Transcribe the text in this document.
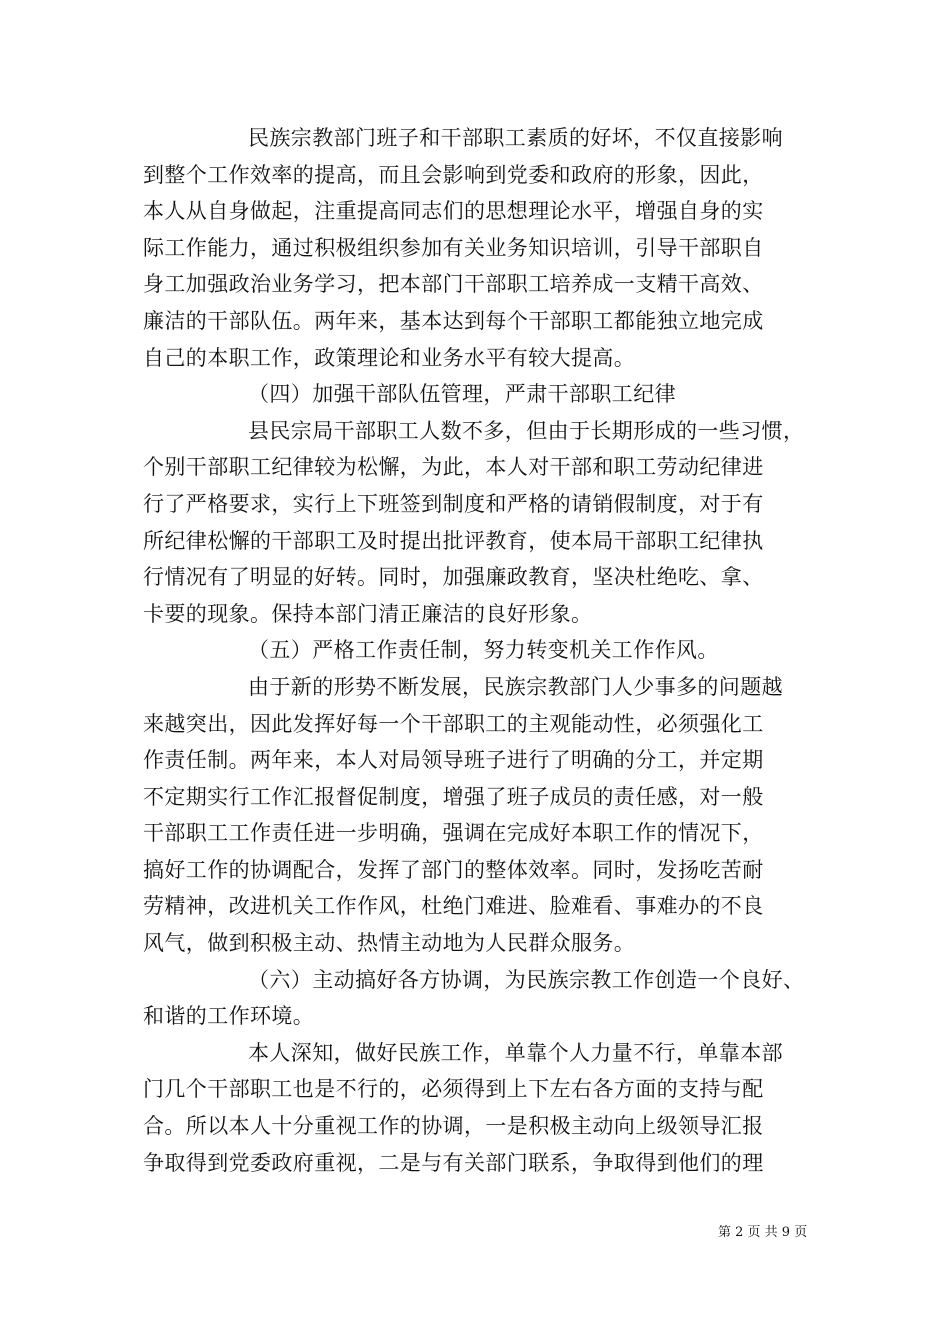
民族宗教部门班子和干部职工素质的好坏，不仅直接影响
到整个工作效率的提高，而且会影响到党委和政府的形象，因此，
本人从自身做起，注重提高同志们的思想理论水平，增强自身的实
际工作能力，通过积极组织参加有关业务知识培训，引导干部职自
身工加强政治业务学习，把本部门干部职工培养成一支精干高效、
廉洁的干部队伍。两年来，基本达到每个干部职工都能独立地完成
自己的本职工作，政策理论和业务水平有较大提高。
（四）加强干部队伍管理，严肃干部职工纪律
县民宗局干部职工人数不多，但由于长期形成的一些习惯，
个别干部职工纪律较为松懈，为此，本人对干部和职工劳动纪律进
行了严格要求，实行上下班签到制度和严格的请销假制度，对于有
所纪律松懈的干部职工及时提出批评教育，使本局干部职工纪律执
行情况有了明显的好转。同时，加强廉政教育，坚决杜绝吃、拿、
卡要的现象。保持本部门清正廉洁的良好形象。
（五）严格工作责任制，努力转变机关工作作风。
由于新的形势不断发展，民族宗教部门人少事多的问题越
来越突出，因此发挥好每一个干部职工的主观能动性，必须强化工
作责任制。两年来，本人对局领导班子进行了明确的分工，并定期
不定期实行工作汇报督促制度，增强了班子成员的责任感，对一般
干部职工工作责任进一步明确，强调在完成好本职工作的情况下，
搞好工作的协调配合，发挥了部门的整体效率。同时，发扬吃苦耐
劳精神，改进机关工作作风，杜绝门难进、脸难看、事难办的不良
风气，做到积极主动、热情主动地为人民群众服务。
（六）主动搞好各方协调，为民族宗教工作创造一个良好、
和谐的工作环境。
本人深知，做好民族工作，单靠个人力量不行，单靠本部
门几个干部职工也是不行的，必须得到上下左右各方面的支持与配
合。所以本人十分重视工作的协调，一是积极主动向上级领导汇报
争取得到党委政府重视，二是与有关部门联系，争取得到他们的理
第 2 页 共 9 页
